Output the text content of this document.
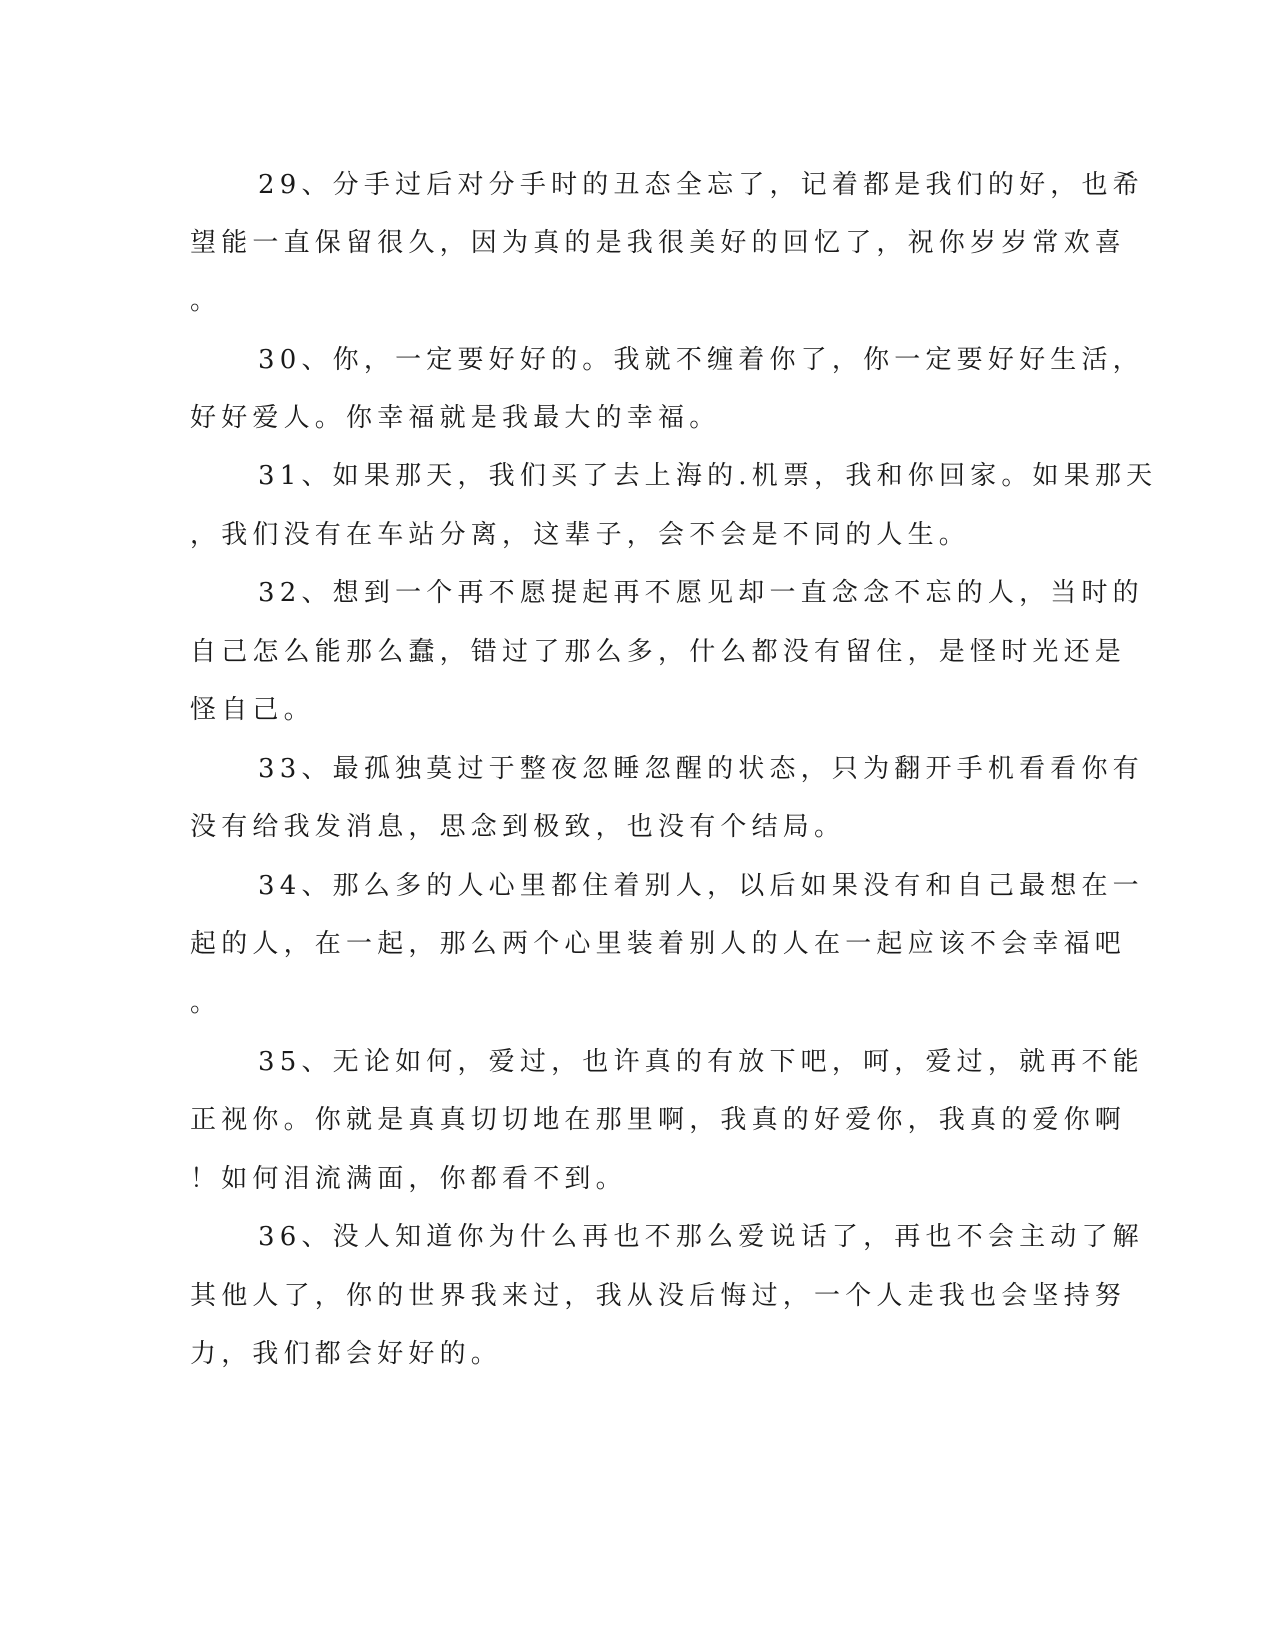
29、分手过后对分手时的丑态全忘了，记着都是我们的好，也希
望能一直保留很久，因为真的是我很美好的回忆了，祝你岁岁常欢喜
。
30、你，一定要好好的。我就不缠着你了，你一定要好好生活，
好好爱人。你幸福就是我最大的幸福。
31、如果那天，我们买了去上海的.机票，我和你回家。如果那天
，我们没有在车站分离，这辈子，会不会是不同的人生。
32、想到一个再不愿提起再不愿见却一直念念不忘的人，当时的
自己怎么能那么蠢，错过了那么多，什么都没有留住，是怪时光还是
怪自己。
33、最孤独莫过于整夜忽睡忽醒的状态，只为翻开手机看看你有
没有给我发消息，思念到极致，也没有个结局。
34、那么多的人心里都住着别人，以后如果没有和自己最想在一
起的人，在一起，那么两个心里装着别人的人在一起应该不会幸福吧
。
35、无论如何，爱过，也许真的有放下吧，呵，爱过，就再不能
正视你。你就是真真切切地在那里啊，我真的好爱你，我真的爱你啊
！如何泪流满面，你都看不到。
36、没人知道你为什么再也不那么爱说话了，再也不会主动了解
其他人了，你的世界我来过，我从没后悔过，一个人走我也会坚持努
力，我们都会好好的。
